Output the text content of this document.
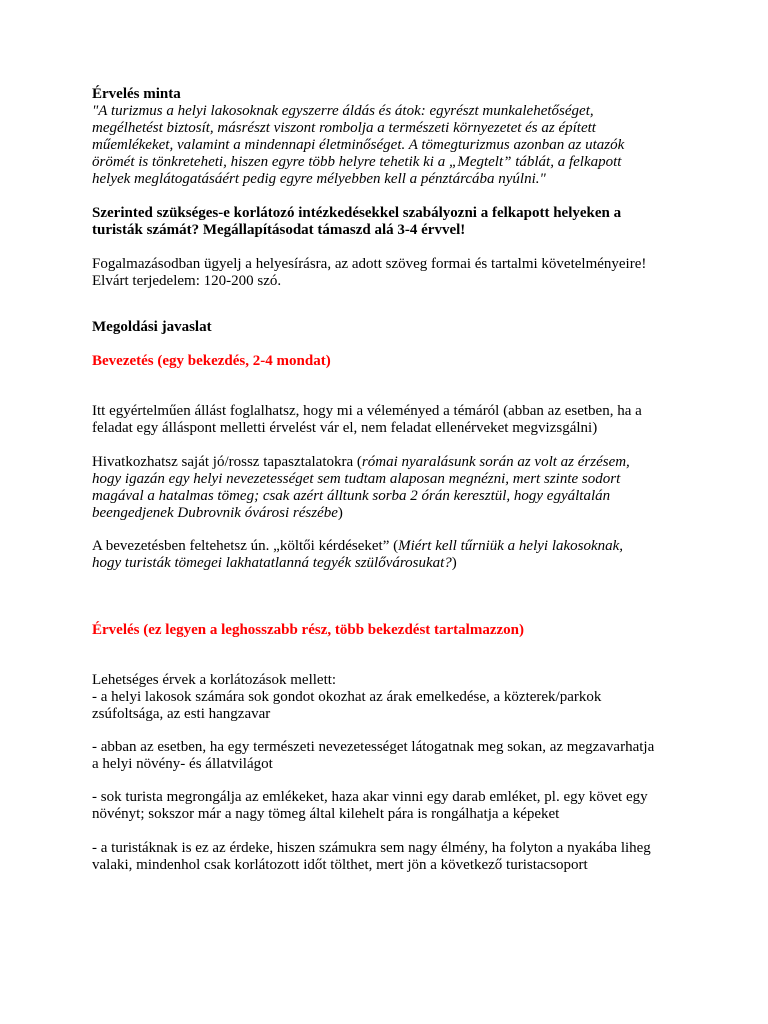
Érvelés minta
"A turizmus a helyi lakosoknak egyszerre áldás és átok: egyrészt munkalehetőséget,
megélhetést biztosít, másrészt viszont rombolja a természeti környezetet és az épített
műemlékeket, valamint a mindennapi életminőséget. A tömegturizmus azonban az utazók
örömét is tönkreteheti, hiszen egyre több helyre tehetik ki a „Megtelt” táblát, a felkapott
helyek meglátogatásáért pedig egyre mélyebben kell a pénztárcába nyúlni."
Szerinted szükséges-e korlátozó intézkedésekkel szabályozni a felkapott helyeken a
turisták számát? Megállapításodat támaszd alá 3-4 érvvel!
Fogalmazásodban ügyelj a helyesírásra, az adott szöveg formai és tartalmi követelményeire!
Elvárt terjedelem: 120-200 szó.
Megoldási javaslat
Bevezetés (egy bekezdés, 2-4 mondat)
Itt egyértelműen állást foglalhatsz, hogy mi a véleményed a témáról (abban az esetben, ha a
feladat egy álláspont melletti érvelést vár el, nem feladat ellenérveket megvizsgálni)
Hivatkozhatsz saját jó/rossz tapasztalatokra (római nyaralásunk során az volt az érzésem,
hogy igazán egy helyi nevezetességet sem tudtam alaposan megnézni, mert szinte sodort
magával a hatalmas tömeg; csak azért álltunk sorba 2 órán keresztül, hogy egyáltalán
beengedjenek Dubrovnik óvárosi részébe)
A bevezetésben feltehetsz ún. „költői kérdéseket” (Miért kell tűrniük a helyi lakosoknak,
hogy turisták tömegei lakhatatlanná tegyék szülővárosukat?)
Érvelés (ez legyen a leghosszabb rész, több bekezdést tartalmazzon)
Lehetséges érvek a korlátozások mellett:
- a helyi lakosok számára sok gondot okozhat az árak emelkedése, a közterek/parkok
zsúfoltsága, az esti hangzavar
- abban az esetben, ha egy természeti nevezetességet látogatnak meg sokan, az megzavarhatja
a helyi növény- és állatvilágot
- sok turista megrongálja az emlékeket, haza akar vinni egy darab emléket, pl. egy követ egy
növényt; sokszor már a nagy tömeg által kilehelt pára is rongálhatja a képeket
- a turistáknak is ez az érdeke, hiszen számukra sem nagy élmény, ha folyton a nyakába liheg
valaki, mindenhol csak korlátozott időt tölthet, mert jön a következő turistacsoport
